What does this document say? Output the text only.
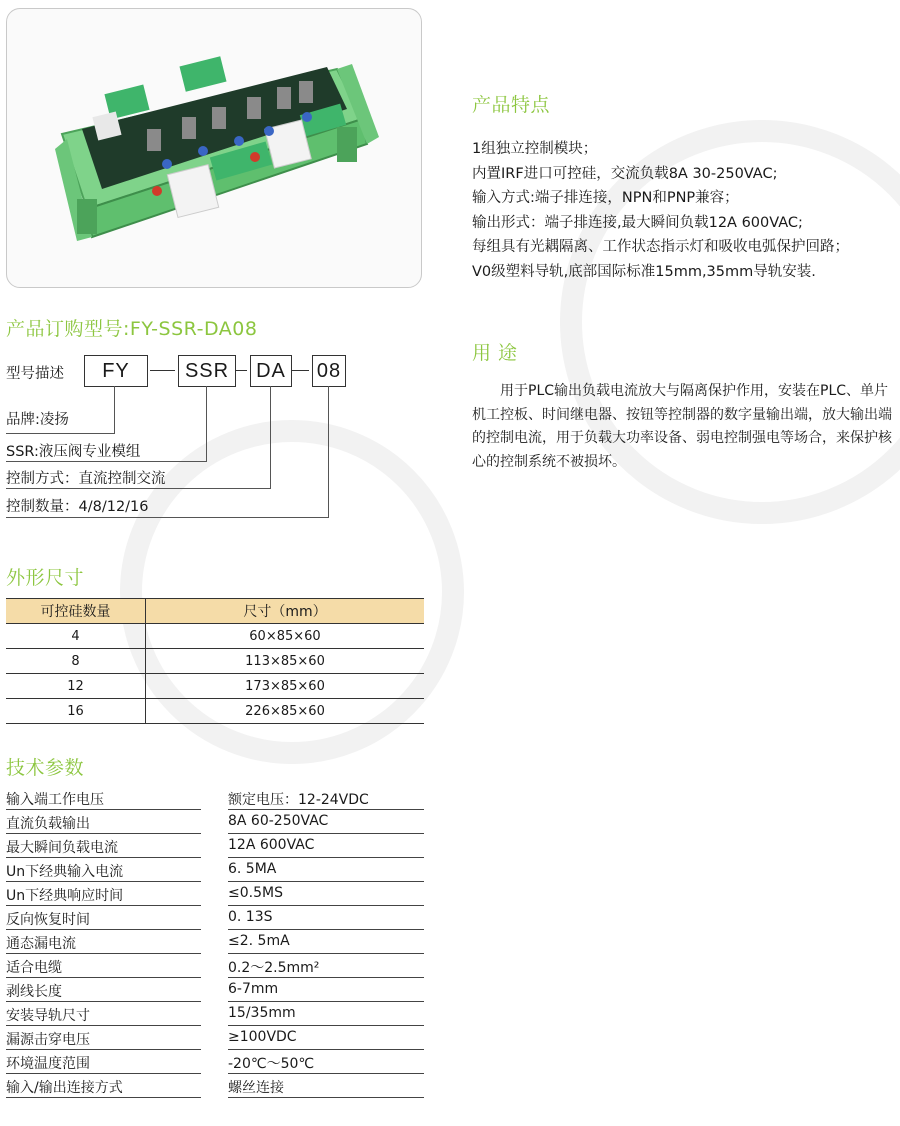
产品特点
1组独立控制模块；
内置IRF进口可控硅，交流负载8A 30-250VAC;
输入方式:端子排连接，NPN和PNP兼容；
输出形式：端子排连接,最大瞬间负载12A 600VAC;
每组具有光耦隔离、工作状态指示灯和吸收电弧保护回路；
V0级塑料导轨,底部国际标准15mm,35mm导轨安装.
用 途
用于PLC输出负载电流放大与隔离保护作用，安装在PLC、单片机工控板、时间继电器、按钮等控制器的数字量输出端，放大输出端的控制电流，用于负载大功率设备、弱电控制强电等场合，来保护核心的控制系统不被损坏。
产品订购型号:FY-SSR-DA08
型号描述	FY	SSR	DA	08
品牌:凌扬
SSR:液压阀专业模组
控制方式：直流控制交流
控制数量：4/8/12/16
外形尺寸
可控硅数量	尺寸（mm）
4	60×85×60
8	113×85×60
12	173×85×60
16	226×85×60
技术参数
输入端工作电压	额定电压：12-24VDC
直流负载输出	8A 60-250VAC
最大瞬间负载电流	12A 600VAC
Un下经典输入电流	6. 5MA
Un下经典响应时间	≤0.5MS
反向恢复时间	0. 13S
通态漏电流	≤2. 5mA
适合电缆	0.2～2.5mm²
剥线长度	6-7mm
安装导轨尺寸	15/35mm
漏源击穿电压	≥100VDC
环境温度范围	-20℃～50℃
输入/输出连接方式	螺丝连接
